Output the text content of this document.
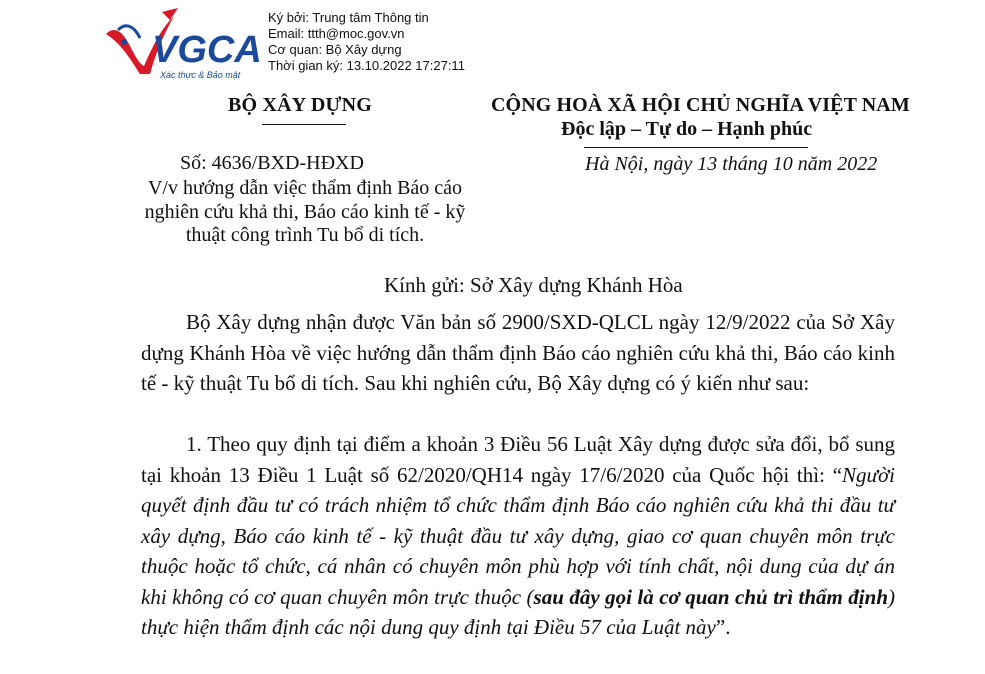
VGCA
Xác thực & Bảo mật
Ký bởi: Trung tâm Thông tin
Email: ttth@moc.gov.vn
Cơ quan: Bộ Xây dựng
Thời gian ký: 13.10.2022 17:27:11
BỘ XÂY DỰNG	CỘNG HOÀ XÃ HỘI CHỦ NGHĨA VIỆT NAM
Độc lập – Tự do – Hạnh phúc
Số: 4636/BXD-HĐXD
V/v hướng dẫn việc thẩm định Báo cáo nghiên cứu khả thi, Báo cáo kinh tế - kỹ thuật công trình Tu bổ di tích.
Hà Nội, ngày 13 tháng 10 năm 2022
Kính gửi: Sở Xây dựng Khánh Hòa
Bộ Xây dựng nhận được Văn bản số 2900/SXD-QLCL ngày 12/9/2022 của Sở Xây dựng Khánh Hòa về việc hướng dẫn thẩm định Báo cáo nghiên cứu khả thi, Báo cáo kinh tế - kỹ thuật Tu bổ di tích. Sau khi nghiên cứu, Bộ Xây dựng có ý kiến như sau:
1. Theo quy định tại điểm a khoản 3 Điều 56 Luật Xây dựng được sửa đổi, bổ sung tại khoản 13 Điều 1 Luật số 62/2020/QH14 ngày 17/6/2020 của Quốc hội thì: “Người quyết định đầu tư có trách nhiệm tổ chức thẩm định Báo cáo nghiên cứu khả thi đầu tư xây dựng, Báo cáo kinh tế - kỹ thuật đầu tư xây dựng, giao cơ quan chuyên môn trực thuộc hoặc tổ chức, cá nhân có chuyên môn phù hợp với tính chất, nội dung của dự án khi không có cơ quan chuyên môn trực thuộc (sau đây gọi là cơ quan chủ trì thẩm định) thực hiện thẩm định các nội dung quy định tại Điều 57 của Luật này”.
